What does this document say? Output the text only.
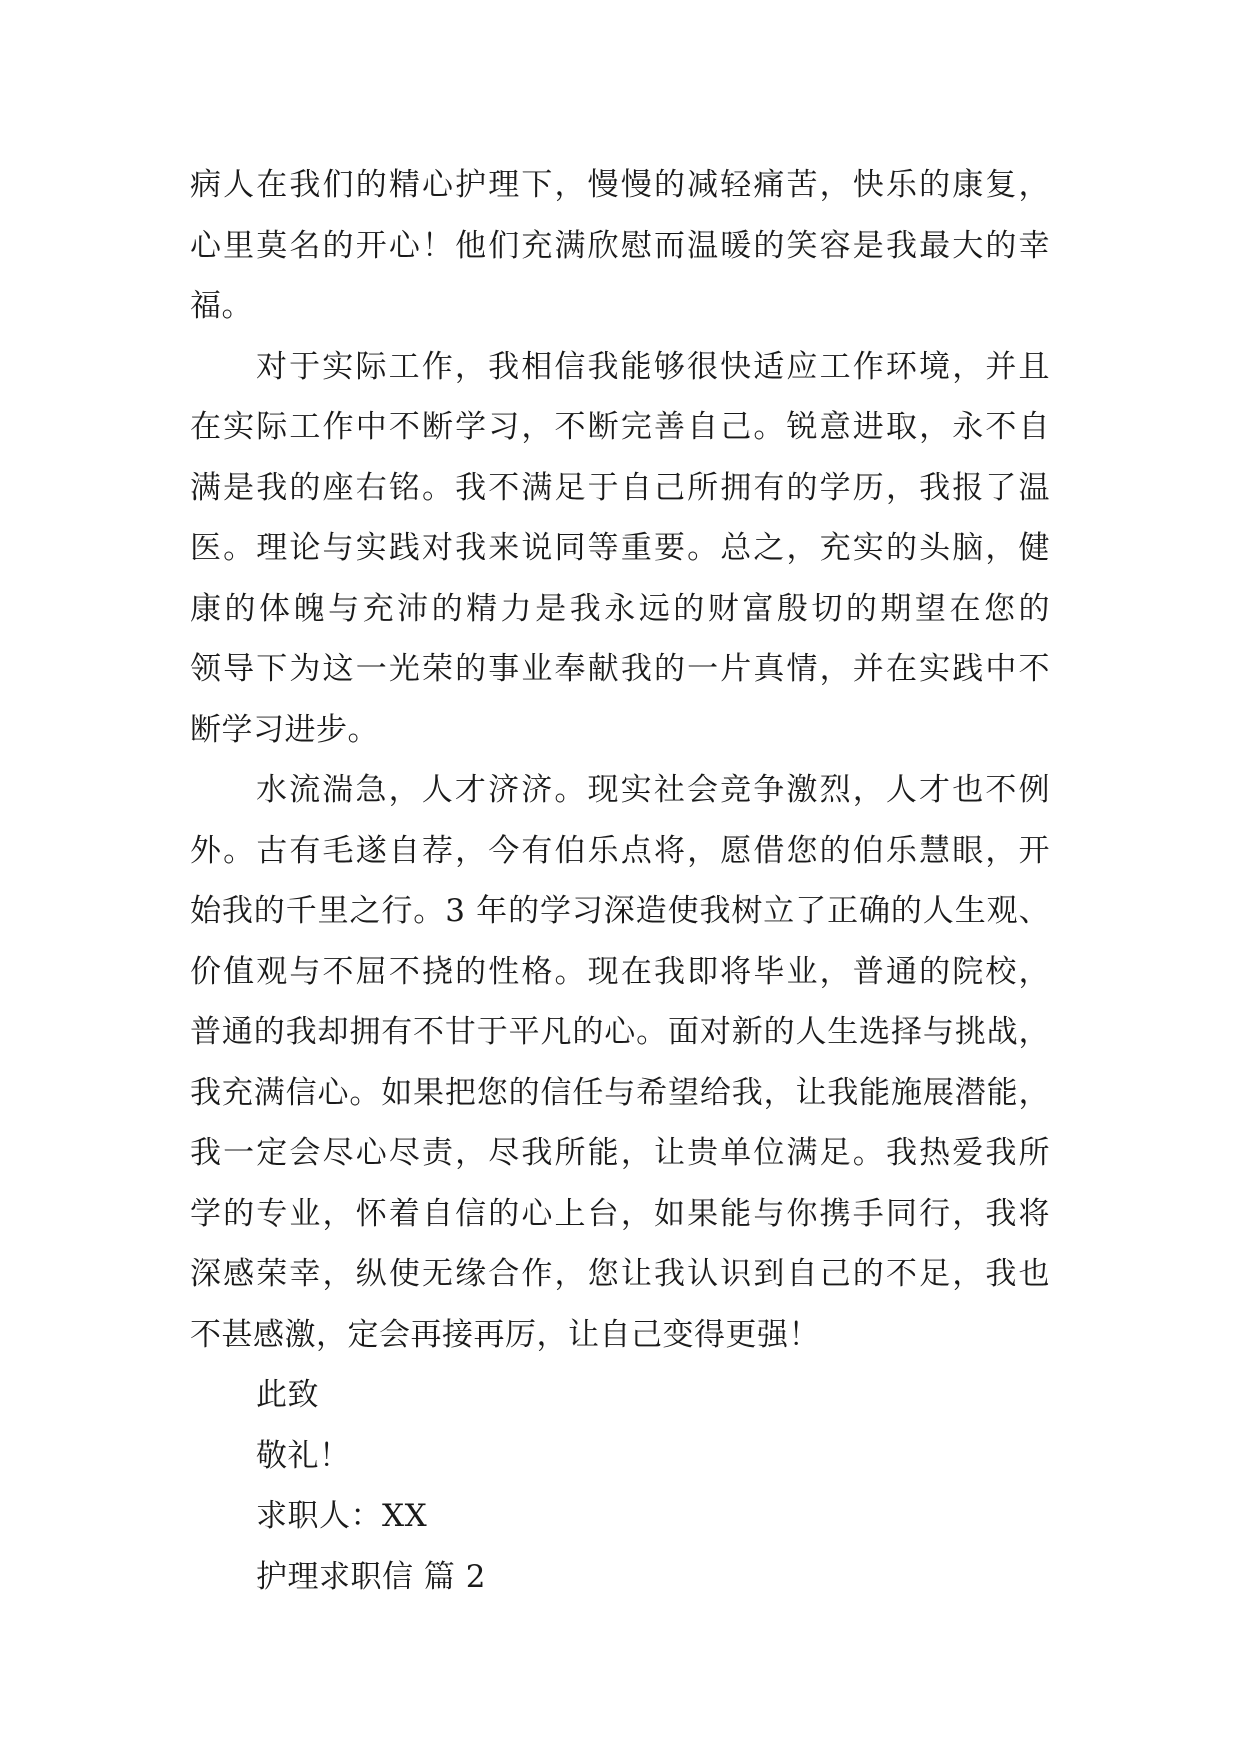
病人在我们的精心护理下，慢慢的减轻痛苦，快乐的康复，
心里莫名的开心！他们充满欣慰而温暖的笑容是我最大的幸
福。
对于实际工作，我相信我能够很快适应工作环境，并且
在实际工作中不断学习，不断完善自己。锐意进取，永不自
满是我的座右铭。我不满足于自己所拥有的学历，我报了温
医。理论与实践对我来说同等重要。总之，充实的头脑，健
康的体魄与充沛的精力是我永远的财富殷切的期望在您的
领导下为这一光荣的事业奉献我的一片真情，并在实践中不
断学习进步。
水流湍急，人才济济。现实社会竞争激烈，人才也不例
外。古有毛遂自荐，今有伯乐点将，愿借您的伯乐慧眼，开
始我的千里之行。3 年的学习深造使我树立了正确的人生观、
价值观与不屈不挠的性格。现在我即将毕业，普通的院校，
普通的我却拥有不甘于平凡的心。面对新的人生选择与挑战，
我充满信心。如果把您的信任与希望给我，让我能施展潜能，
我一定会尽心尽责，尽我所能，让贵单位满足。我热爱我所
学的专业，怀着自信的心上台，如果能与你携手同行，我将
深感荣幸，纵使无缘合作，您让我认识到自己的不足，我也
不甚感激，定会再接再厉，让自己变得更强！
此致
敬礼！
求职人：XX
护理求职信 篇 2
